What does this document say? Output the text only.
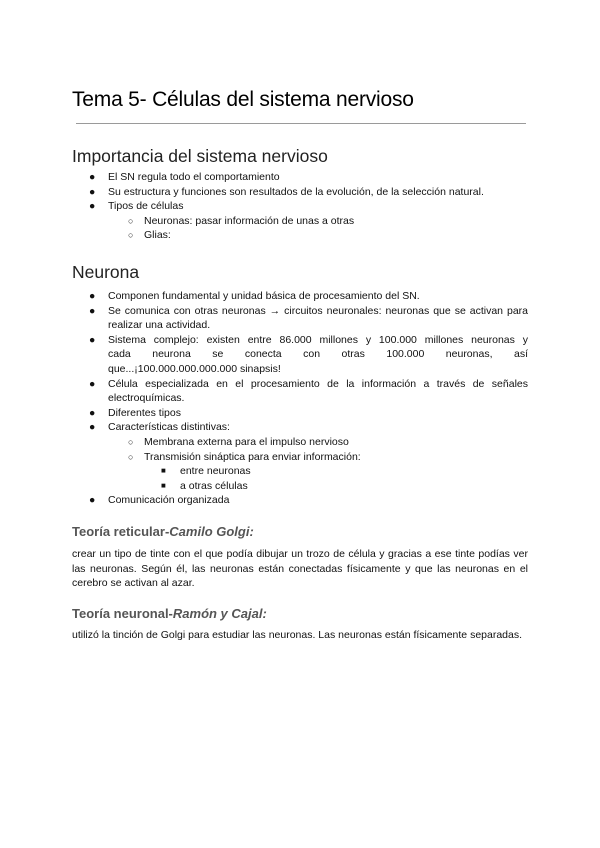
Tema 5- Células del sistema nervioso
Importancia del sistema nervioso
● El SN regula todo el comportamiento
● Su estructura y funciones son resultados de la evolución, de la selección natural.
● Tipos de células
○ Neuronas: pasar información de unas a otras
○ Glias:
Neurona
● Componen fundamental y unidad básica de procesamiento del SN.
● Se comunica con otras neuronas → circuitos neuronales: neuronas que se activan para realizar una actividad.
● Sistema complejo: existen entre 86.000 millones y 100.000 millones neuronas y
cada neurona se conecta con otras 100.000 neuronas, así
que...¡100.000.000.000.000 sinapsis!
● Célula especializada en el procesamiento de la información a través de señales electroquímicas.
● Diferentes tipos
● Características distintivas:
○ Membrana externa para el impulso nervioso
○ Transmisión sináptica para enviar información:
■ entre neuronas
■ a otras células
● Comunicación organizada
Teoría reticular-Camilo Golgi:

crear un tipo de tinte con el que podía dibujar un trozo de célula y gracias a ese tinte podías ver las neuronas. Según él, las neuronas están conectadas físicamente y que las neuronas en el cerebro se activan al azar.

Teoría neuronal-Ramón y Cajal:

utilizó la tinción de Golgi para estudiar las neuronas. Las neuronas están físicamente separadas.
